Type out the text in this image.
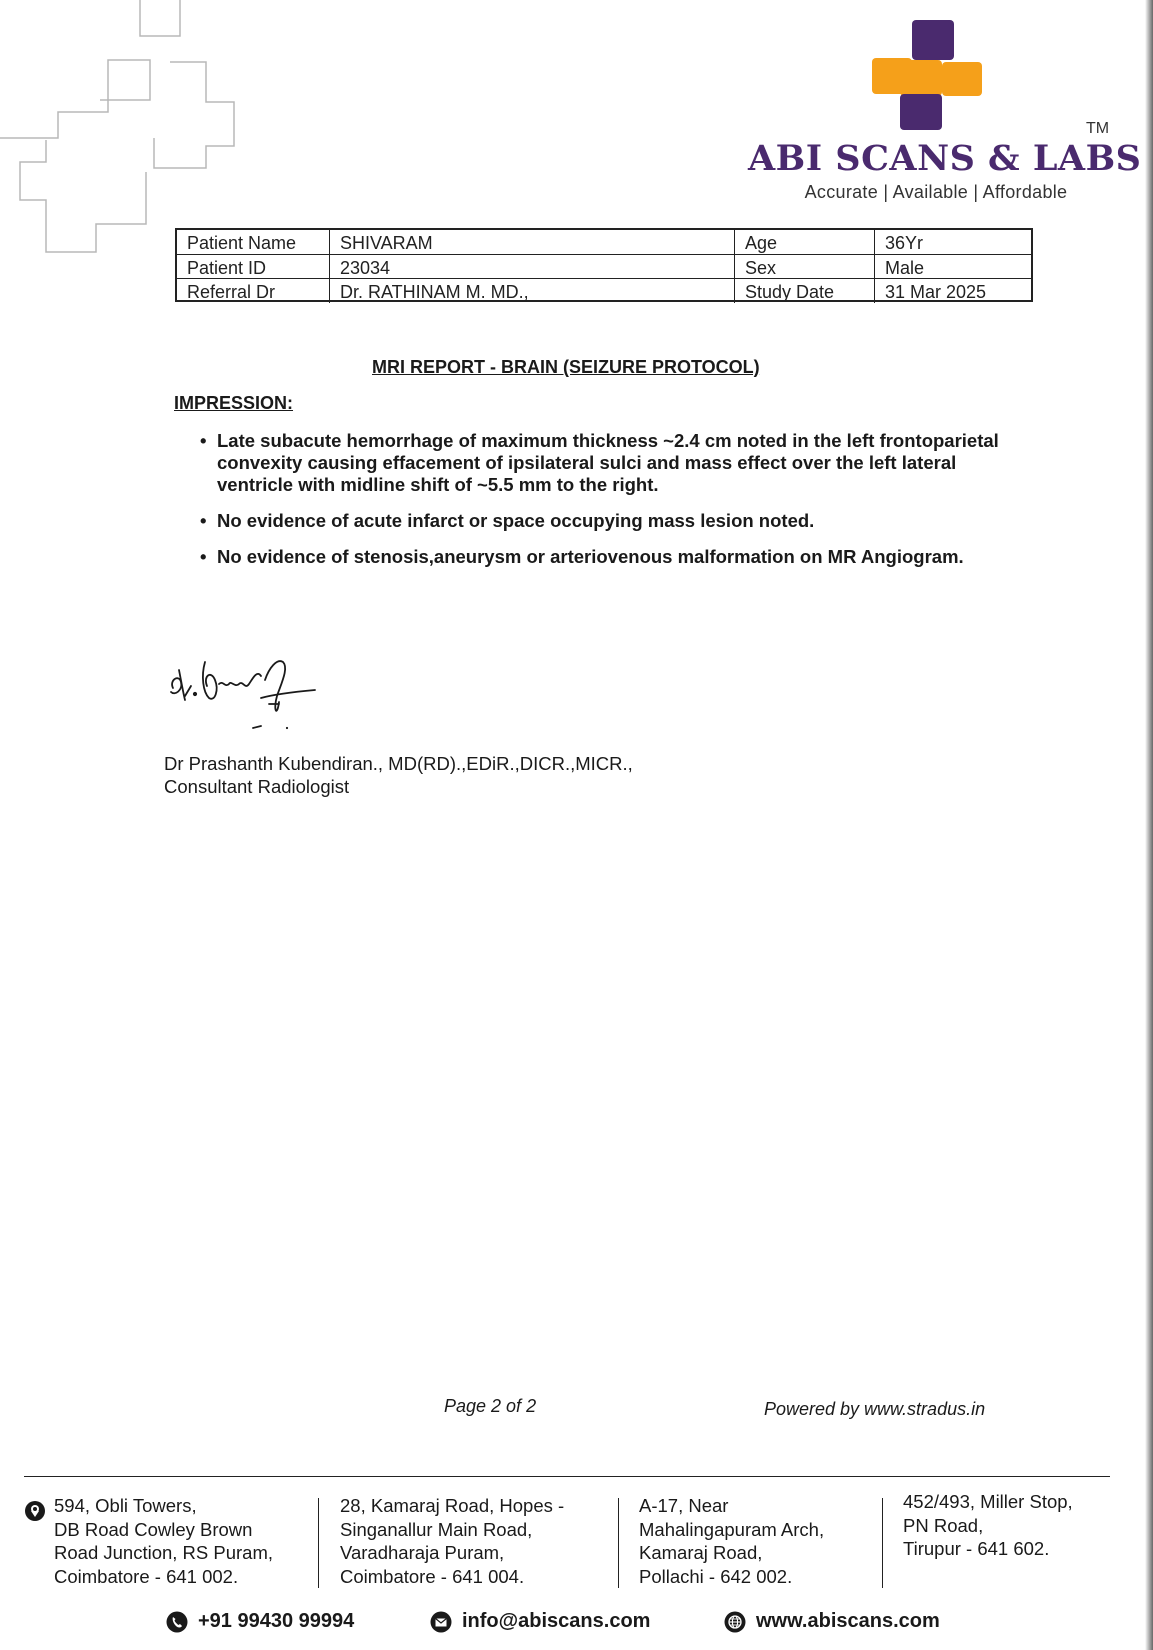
TM
ABI SCANS & LABS
Accurate | Available | Affordable
Patient Name	SHIVARAM	Age	36Yr
Patient ID	23034	Sex	Male
Referral Dr	Dr. RATHINAM M. MD.,	Study Date	31 Mar 2025
MRI REPORT - BRAIN (SEIZURE PROTOCOL)
IMPRESSION:
• Late subacute hemorrhage of maximum thickness ~2.4 cm noted in the left frontoparietal convexity causing effacement of ipsilateral sulci and mass effect over the left lateral ventricle with midline shift of ~5.5 mm to the right.
• No evidence of acute infarct or space occupying mass lesion noted.
• No evidence of stenosis,aneurysm or arteriovenous malformation on MR Angiogram.
Dr Prashanth Kubendiran., MD(RD).,EDiR.,DICR.,MICR.,
Consultant Radiologist
Page 2 of 2	Powered by www.stradus.in
594, Obli Towers,
DB Road Cowley Brown
Road Junction, RS Puram,
Coimbatore - 641 002.
28, Kamaraj Road, Hopes -
Singanallur Main Road,
Varadharaja Puram,
Coimbatore - 641 004.
A-17, Near
Mahalingapuram Arch,
Kamaraj Road,
Pollachi - 642 002.
452/493, Miller Stop,
PN Road,
Tirupur - 641 602.
+91 99430 99994	info@abiscans.com	www.abiscans.com
